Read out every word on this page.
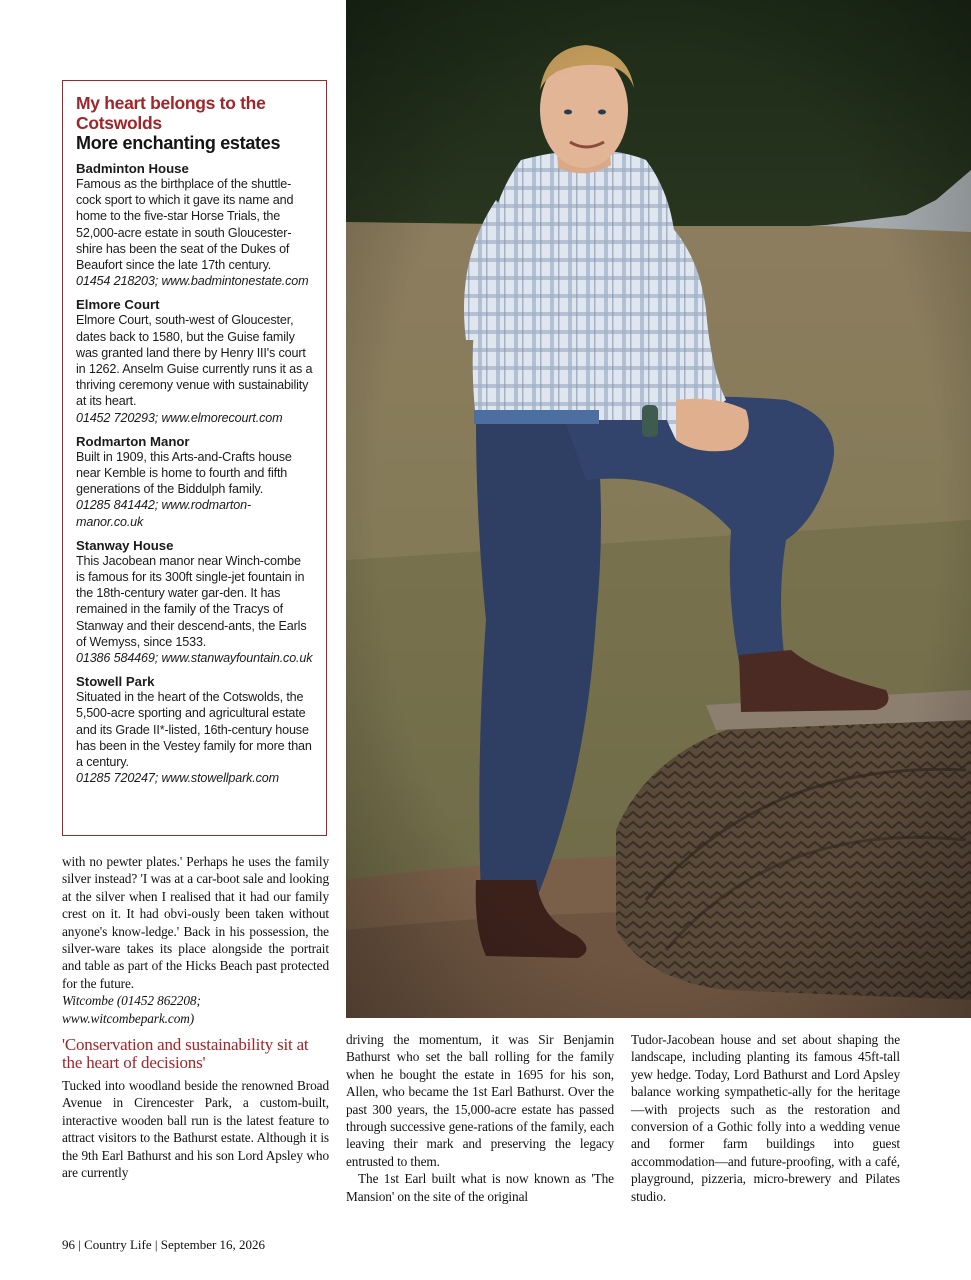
My heart belongs to the Cotswolds
More enchanting estates
Badminton House
Famous as the birthplace of the shuttle-cock sport to which it gave its name and home to the five-star Horse Trials, the 52,000-acre estate in south Gloucester-shire has been the seat of the Dukes of Beaufort since the late 17th century.
01454 218203; www.badmintonestate.com
Elmore Court
Elmore Court, south-west of Gloucester, dates back to 1580, but the Guise family was granted land there by Henry III's court in 1262. Anselm Guise currently runs it as a thriving ceremony venue with sustainability at its heart.
01452 720293; www.elmorecourt.com
Rodmarton Manor
Built in 1909, this Arts-and-Crafts house near Kemble is home to fourth and fifth generations of the Biddulph family.
01285 841442; www.rodmarton-manor.co.uk
Stanway House
This Jacobean manor near Winch-combe is famous for its 300ft single-jet fountain in the 18th-century water gar-den. It has remained in the family of the Tracys of Stanway and their descend-ants, the Earls of Wemyss, since 1533.
01386 584469; www.stanwayfountain.co.uk
Stowell Park
Situated in the heart of the Cotswolds, the 5,500-acre sporting and agricultural estate and its Grade II*-listed, 16th-century house has been in the Vestey family for more than a century.
01285 720247; www.stowellpark.com

with no pewter plates.' Perhaps he uses the family silver instead? 'I was at a car-boot sale and looking at the silver when I realised that it had our family crest on it. It had obvi-ously been taken without anyone's know-ledge.' Back in his possession, the silver-ware takes its place alongside the portrait and table as part of the Hicks Beach past protected for the future.

Witcombe (01452 862208; www.witcombepark.com)

'Conservation and sustainability sit at the heart of decisions'

Tucked into woodland beside the renowned Broad Avenue in Cirencester Park, a custom-built, interactive wooden ball run is the latest feature to attract visitors to the Bathurst estate. Although it is the 9th Earl Bathurst and his son Lord Apsley who are currently

driving the momentum, it was Sir Benjamin Bathurst who set the ball rolling for the family when he bought the estate in 1695 for his son, Allen, who became the 1st Earl Bathurst. Over the past 300 years, the 15,000-acre estate has passed through successive gene-rations of the family, each leaving their mark and preserving the legacy entrusted to them.

The 1st Earl built what is now known as 'The Mansion' on the site of the original

Tudor-Jacobean house and set about shaping the landscape, including planting its famous 45ft-tall yew hedge. Today, Lord Bathurst and Lord Apsley balance working sympathetic-ally for the heritage—with projects such as the restoration and conversion of a Gothic folly into a wedding venue and former farm buildings into guest accommodation—and future-proofing, with a café, playground, pizzeria, micro-brewery and Pilates studio.

96 | Country Life | September 16, 2026
